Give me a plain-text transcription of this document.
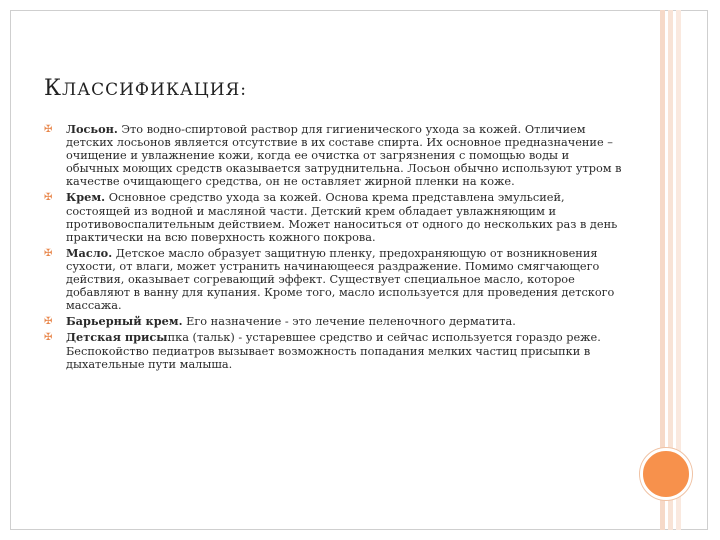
КЛАССИФИКАЦИЯ:
✠	Лосьон. Это водно-спиртовой раствор для гигиенического ухода за кожей. Отличием детских лосьонов является отсутствие в их составе спирта. Их основное предназначение – очищение и увлажнение кожи, когда ее очистка от загрязнения с помощью воды и обычных моющих средств оказывается затруднительна. Лосьон обычно используют утром в качестве очищающего средства, он не оставляет жирной пленки на коже.
✠	Крем. Основное средство ухода за кожей. Основа крема представлена эмульсией, состоящей из водной и масляной части. Детский крем обладает увлажняющим и противовоспалительным действием. Может наноситься от одного до нескольких раз в день практически на всю поверхность кожного покрова.
✠	Масло. Детское масло образует защитную пленку, предохраняющую от возникновения сухости, от влаги, может устранить начинающееся раздражение. Помимо смягчающего действия, оказывает согревающий эффект. Существует специальное масло, которое добавляют в ванну для купания. Кроме того, масло используется для проведения детского массажа.
✠	Барьерный крем. Его назначение - это лечение пеленочного дерматита.
✠	Детская присыпка (тальк) - устаревшее средство и сейчас используется гораздо реже. Беспокойство педиатров вызывает возможность попадания мелких частиц присыпки в дыхательные пути малыша.
